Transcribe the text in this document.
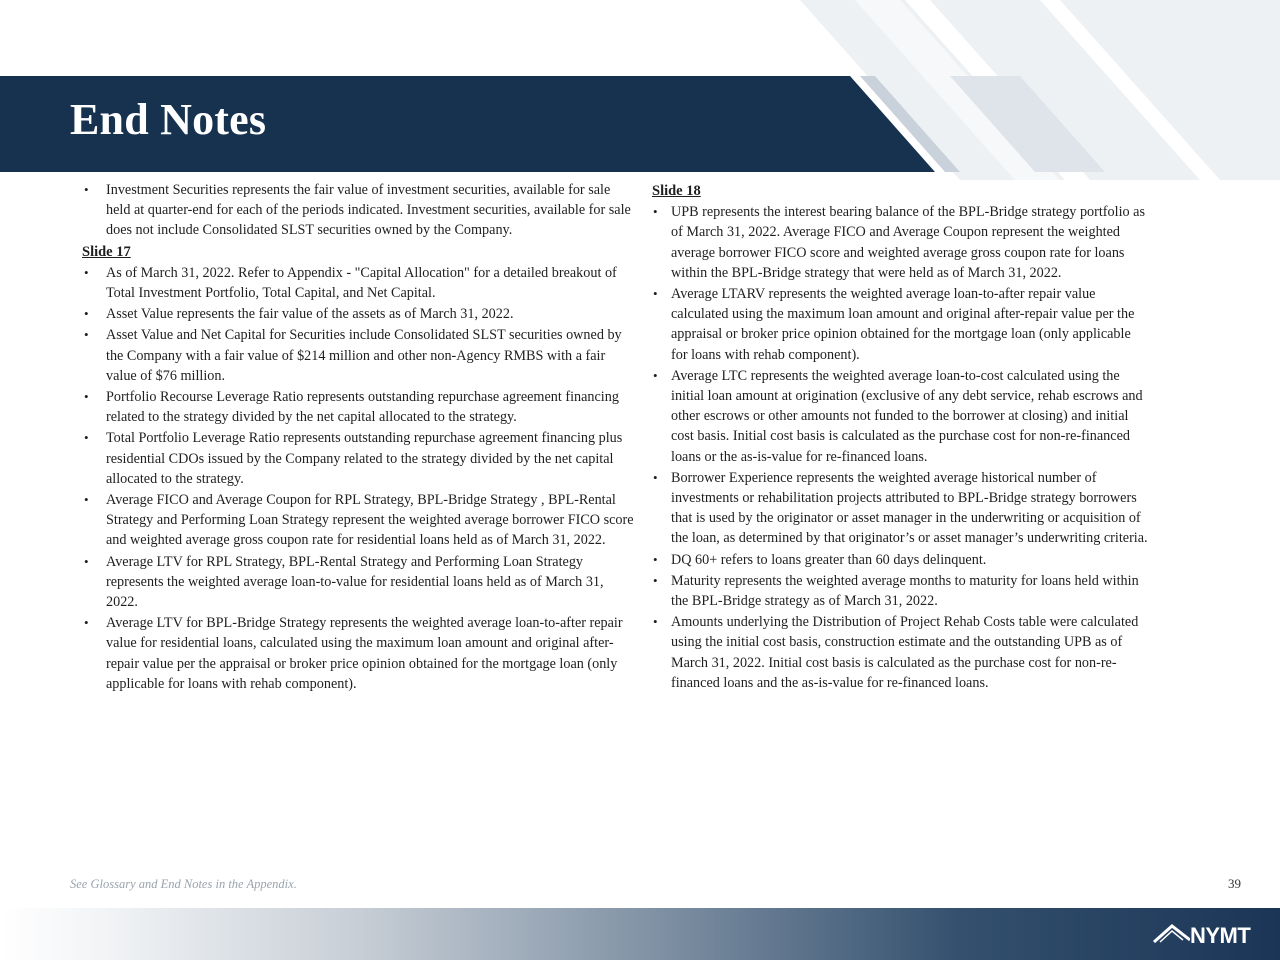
End Notes
• Investment Securities represents the fair value of investment securities, available for sale held at quarter-end for each of the periods indicated. Investment securities, available for sale does not include Consolidated SLST securities owned by the Company.
Slide 17
• As of March 31, 2022. Refer to Appendix - "Capital Allocation" for a detailed breakout of Total Investment Portfolio, Total Capital, and Net Capital.
• Asset Value represents the fair value of the assets as of March 31, 2022.
• Asset Value and Net Capital for Securities include Consolidated SLST securities owned by the Company with a fair value of $214 million and other non-Agency RMBS with a fair value of $76 million.
• Portfolio Recourse Leverage Ratio represents outstanding repurchase agreement financing related to the strategy divided by the net capital allocated to the strategy.
• Total Portfolio Leverage Ratio represents outstanding repurchase agreement financing plus residential CDOs issued by the Company related to the strategy divided by the net capital allocated to the strategy.
• Average FICO and Average Coupon for RPL Strategy, BPL-Bridge Strategy , BPL-Rental Strategy and Performing Loan Strategy represent the weighted average borrower FICO score and weighted average gross coupon rate for residential loans held as of March 31, 2022.
• Average LTV for RPL Strategy, BPL-Rental Strategy and Performing Loan Strategy represents the weighted average loan-to-value for residential loans held as of March 31, 2022.
• Average LTV for BPL-Bridge Strategy represents the weighted average loan-to-after repair value for residential loans, calculated using the maximum loan amount and original after-repair value per the appraisal or broker price opinion obtained for the mortgage loan (only applicable for loans with rehab component).
Slide 18
• UPB represents the interest bearing balance of the BPL-Bridge strategy portfolio as of March 31, 2022. Average FICO and Average Coupon represent the weighted average borrower FICO score and weighted average gross coupon rate for loans within the BPL-Bridge strategy that were held as of March 31, 2022.
• Average LTARV represents the weighted average loan-to-after repair value calculated using the maximum loan amount and original after-repair value per the appraisal or broker price opinion obtained for the mortgage loan (only applicable for loans with rehab component).
• Average LTC represents the weighted average loan-to-cost calculated using the initial loan amount at origination (exclusive of any debt service, rehab escrows and other escrows or other amounts not funded to the borrower at closing) and initial cost basis. Initial cost basis is calculated as the purchase cost for non-re-financed loans or the as-is-value for re-financed loans.
• Borrower Experience represents the weighted average historical number of investments or rehabilitation projects attributed to BPL-Bridge strategy borrowers that is used by the originator or asset manager in the underwriting or acquisition of the loan, as determined by that originator’s or asset manager’s underwriting criteria.
• DQ 60+ refers to loans greater than 60 days delinquent.
• Maturity represents the weighted average months to maturity for loans held within the BPL-Bridge strategy as of March 31, 2022.
• Amounts underlying the Distribution of Project Rehab Costs table were calculated using the initial cost basis, construction estimate and the outstanding UPB as of March 31, 2022. Initial cost basis is calculated as the purchase cost for non-re-financed loans and the as-is-value for re-financed loans.
See Glossary and End Notes in the Appendix.	39
NYMT
